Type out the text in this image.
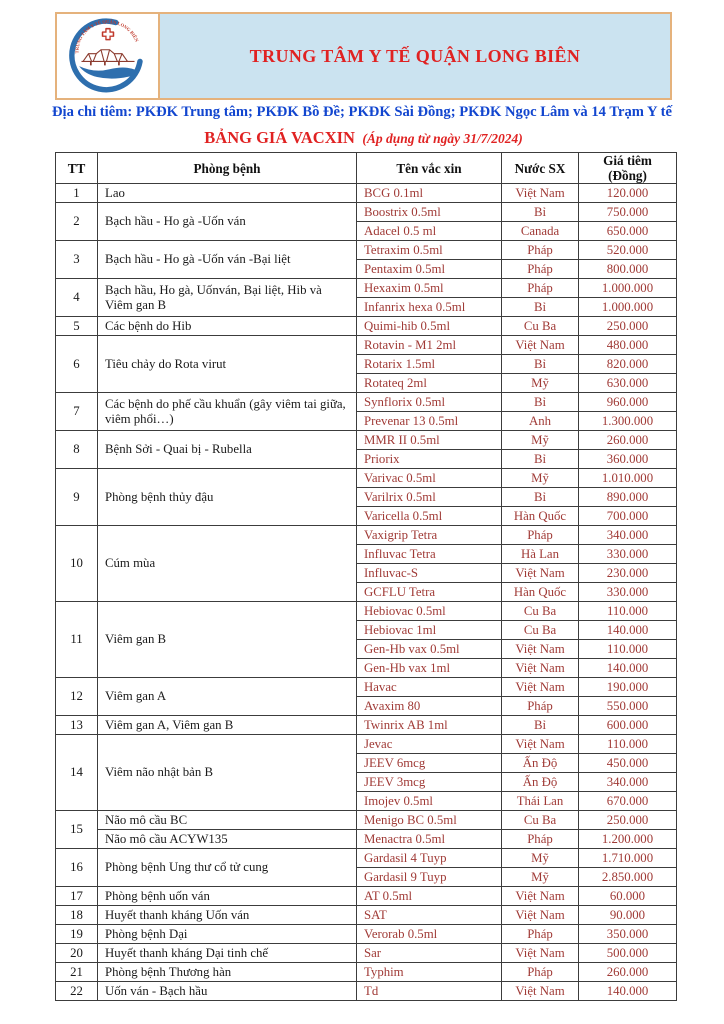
TRUNG TÂM Y TẾ QUẬN LONG BIÊN
TRUNG TÂM Y TẾ QUẬN LONG BIÊN
Địa chỉ tiêm: PKĐK Trung tâm; PKĐK Bồ Đề; PKĐK Sài Đồng; PKĐK Ngọc Lâm và 14 Trạm Y tế
BẢNG GIÁ VACXIN (Áp dụng từ ngày 31/7/2024)
TT	Phòng bệnh	Tên vắc xin	Nước SX	Giá tiêm (Đồng)
1	Lao	BCG 0.1ml	Việt Nam	120.000
2	Bạch hầu - Ho gà -Uốn ván	Boostrix 0.5ml	Bỉ	750.000
		Adacel 0.5 ml	Canada	650.000
3	Bạch hầu - Ho gà -Uốn ván -Bại liệt	Tetraxim 0.5ml	Pháp	520.000
		Pentaxim 0.5ml	Pháp	800.000
4	Bạch hầu, Ho gà, Uốnván, Bại liệt, Hib và Viêm gan B	Hexaxim 0.5ml	Pháp	1.000.000
		Infanrix hexa 0.5ml	Bỉ	1.000.000
5	Các bệnh do Hib	Quimi-hib 0.5ml	Cu Ba	250.000
6	Tiêu chảy do Rota virut	Rotavin - M1 2ml	Việt Nam	480.000
		Rotarix 1.5ml	Bỉ	820.000
		Rotateq 2ml	Mỹ	630.000
7	Các bệnh do phế cầu khuẩn (gây viêm tai giữa, viêm phổi…)	Synflorix 0.5ml	Bỉ	960.000
		Prevenar 13 0.5ml	Anh	1.300.000
8	Bệnh Sởi - Quai bị - Rubella	MMR II 0.5ml	Mỹ	260.000
		Priorix	Bỉ	360.000
9	Phòng bệnh thủy đậu	Varivac 0.5ml	Mỹ	1.010.000
		Varilrix 0.5ml	Bỉ	890.000
		Varicella 0.5ml	Hàn Quốc	700.000
10	Cúm mùa	Vaxigrip Tetra	Pháp	340.000
		Influvac Tetra	Hà Lan	330.000
		Influvac-S	Việt Nam	230.000
		GCFLU Tetra	Hàn Quốc	330.000
11	Viêm gan B	Hebiovac 0.5ml	Cu Ba	110.000
		Hebiovac 1ml	Cu Ba	140.000
		Gen-Hb vax 0.5ml	Việt Nam	110.000
		Gen-Hb vax 1ml	Việt Nam	140.000
12	Viêm gan A	Havac	Việt Nam	190.000
		Avaxim 80	Pháp	550.000
13	Viêm gan A, Viêm gan B	Twinrix AB 1ml	Bỉ	600.000
14	Viêm não nhật bản B	Jevac	Việt Nam	110.000
		JEEV 6mcg	Ấn Độ	450.000
		JEEV 3mcg	Ấn Độ	340.000
		Imojev 0.5ml	Thái Lan	670.000
15	Não mô cầu BC	Menigo BC 0.5ml	Cu Ba	250.000
	Não mô cầu ACYW135	Menactra 0.5ml	Pháp	1.200.000
16	Phòng bệnh Ung thư cổ tử cung	Gardasil 4 Tuyp	Mỹ	1.710.000
		Gardasil 9 Tuyp	Mỹ	2.850.000
17	Phòng bệnh uốn ván	AT 0.5ml	Việt Nam	60.000
18	Huyết thanh kháng Uốn ván	SAT	Việt Nam	90.000
19	Phòng bệnh Dại	Verorab 0.5ml	Pháp	350.000
20	Huyết thanh kháng Dại tinh chế	Sar	Việt Nam	500.000
21	Phòng bệnh Thương hàn	Typhim	Pháp	260.000
22	Uốn ván - Bạch hầu	Td	Việt Nam	140.000
